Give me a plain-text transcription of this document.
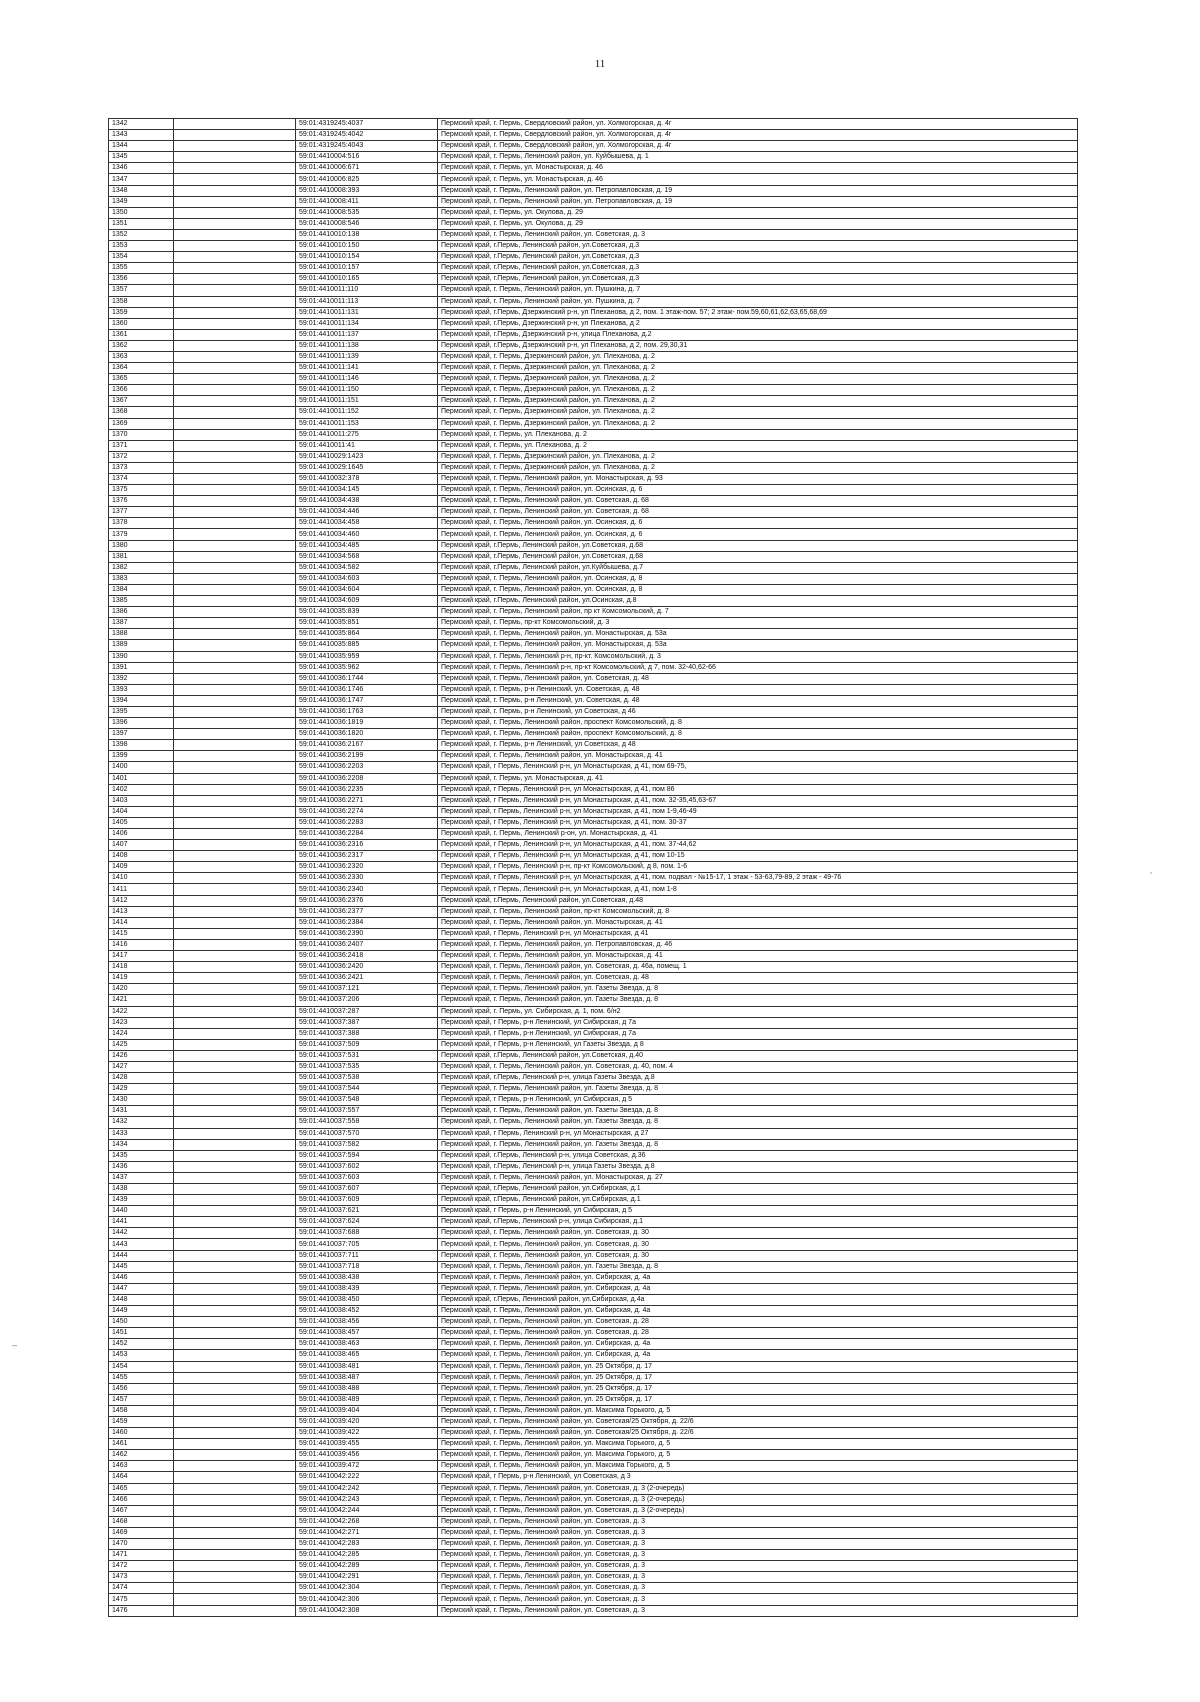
11
1342		59:01:4319245:4037	Пермский край, г. Пермь, Свердловский район, ул. Холмогорская, д. 4г
1343		59:01:4319245:4042	Пермский край, г. Пермь, Свердловский район, ул. Холмогорская, д. 4г
1344		59:01:4319245:4043	Пермский край, г. Пермь, Свердловский район, ул. Холмогорская, д. 4г
1345		59:01:4410004:516	Пермский край, г. Пермь, Ленинский район, ул. Куйбышева, д. 1
1346		59:01:4410006:671	Пермский край, г. Пермь, ул. Монастырская, д. 46
1347		59:01:4410006:825	Пермский край, г. Пермь, ул. Монастырская, д. 46
1348		59:01:4410008:393	Пермский край, г. Пермь, Ленинский район, ул. Петропавловская, д. 19
1349		59:01:4410008:411	Пермский край, г. Пермь, Ленинский район, ул. Петропавловская, д. 19
1350		59:01:4410008:535	Пермский край, г. Пермь, ул. Окулова, д. 29
1351		59:01:4410008:546	Пермский край, г. Пермь, ул. Окулова, д. 29
1352		59:01:4410010:138	Пермский край, г. Пермь, Ленинский район, ул. Советская, д. 3
1353		59:01:4410010:150	Пермский край, г.Пермь, Ленинский район, ул.Советская, д.3
1354		59:01:4410010:154	Пермский край, г.Пермь, Ленинский район, ул.Советская, д.3
1355		59:01:4410010:157	Пермский край, г.Пермь, Ленинский район, ул.Советская, д.3
1356		59:01:4410010:165	Пермский край, г.Пермь, Ленинский район, ул.Советская, д.3
1357		59:01:4410011:110	Пермский край, г. Пермь, Ленинский район, ул. Пушкина, д. 7
1358		59:01:4410011:113	Пермский край, г. Пермь, Ленинский район, ул. Пушкина, д. 7
1359		59:01:4410011:131	Пермский край, г.Пермь, Дзержинский р-н, ул Плеханова, д 2, пом. 1 этаж-пом. 57; 2 этаж- пом.59,60,61,62,63,65,68,69
1360		59:01:4410011:134	Пермский край, г.Пермь, Дзержинский р-н, ул Плеханова, д 2
1361		59:01:4410011:137	Пермский край, г.Пермь, Дзержинский р-н, улица Плеханова, д.2
1362		59:01:4410011:138	Пермский край, г.Пермь, Дзержинский р-н, ул Плеханова, д 2, пом. 29,30,31
1363		59:01:4410011:139	Пермский край, г. Пермь, Дзержинский район, ул. Плеханова, д. 2
1364		59:01:4410011:141	Пермский край, г. Пермь, Дзержинский район, ул. Плеханова, д. 2
1365		59:01:4410011:146	Пермский край, г. Пермь, Дзержинский район, ул. Плеханова, д. 2
1366		59:01:4410011:150	Пермский край, г. Пермь, Дзержинский район, ул. Плеханова, д. 2
1367		59:01:4410011:151	Пермский край, г. Пермь, Дзержинский район, ул. Плеханова, д. 2
1368		59:01:4410011:152	Пермский край, г. Пермь, Дзержинский район, ул. Плеханова, д. 2
1369		59:01:4410011:153	Пермский край, г. Пермь, Дзержинский район, ул. Плеханова, д. 2
1370		59:01:4410011:275	Пермский край, г. Пермь, ул. Плеханова, д. 2
1371		59:01:4410011:41	Пермский край, г. Пермь, ул. Плеханова, д. 2
1372		59:01:4410029:1423	Пермский край, г. Пермь, Дзержинский район, ул. Плеханова, д. 2
1373		59:01:4410029:1645	Пермский край, г. Пермь, Дзержинский район, ул. Плеханова, д. 2
1374		59:01:4410032:378	Пермский край, г. Пермь, Ленинский район, ул. Монастырская, д. 93
1375		59:01:4410034:145	Пермский край, г. Пермь, Ленинский район, ул. Осинская, д. 6
1376		59:01:4410034:438	Пермский край, г. Пермь, Ленинский район, ул. Советская, д. 68
1377		59:01:4410034:446	Пермский край, г. Пермь, Ленинский район, ул. Советская, д. 68
1378		59:01:4410034:458	Пермский край, г. Пермь, Ленинский район, ул. Осинская, д. 6
1379		59:01:4410034:460	Пермский край, г. Пермь, Ленинский район, ул. Осинская, д. 6
1380		59:01:4410034:485	Пермский край, г.Пермь, Ленинский район, ул.Советская, д.68
1381		59:01:4410034:568	Пермский край, г.Пермь, Ленинский район, ул.Советская, д.68
1382		59:01:4410034:582	Пермский край, г.Пермь, Ленинский район, ул.Куйбышева, д.7
1383		59:01:4410034:603	Пермский край, г. Пермь, Ленинский район, ул. Осинская, д. 8
1384		59:01:4410034:604	Пермский край, г. Пермь, Ленинский район, ул. Осинская, д. 8
1385		59:01:4410034:609	Пермский край, г.Пермь, Ленинский район, ул.Осинская, д.8
1386		59:01:4410035:839	Пермский край, г. Пермь, Ленинский район, пр кт Комсомольский, д. 7
1387		59:01:4410035:851	Пермский край, г. Пермь, пр-кт Комсомольский, д. 3
1388		59:01:4410035:864	Пермский край, г. Пермь, Ленинский район, ул. Монастырская, д. 53а
1389		59:01:4410035:885	Пермский край, г. Пермь, Ленинский район, ул. Монастырская, д. 53а
1390		59:01:4410035:959	Пермский край, г. Пермь, Ленинский р-н, пр-кт. Комсомольский, д. 3
1391		59:01:4410035:962	Пермский край, г. Пермь, Ленинский р-н, пр-кт Комсомольский, д 7, пом. 32-40,62-66
1392		59:01:4410036:1744	Пермский край, г. Пермь, Ленинский район, ул. Советская, д. 48
1393		59:01:4410036:1746	Пермский край, г. Пермь, р-н Ленинский, ул. Советская, д. 48
1394		59:01:4410036:1747	Пермский край, г. Пермь, р-н Ленинский, ул. Советская, д. 48
1395		59:01:4410036:1763	Пермский край, г. Пермь, р-н Ленинский, ул Советская, д 46
1396		59:01:4410036:1819	Пермский край, г. Пермь, Ленинский район, проспект Комсомольский, д. 8
1397		59:01:4410036:1820	Пермский край, г. Пермь, Ленинский район, проспект Комсомольский, д. 8
1398		59:01:4410036:2167	Пермский край, г. Пермь, р-н Ленинский, ул Советская, д 48
1399		59:01:4410036:2199	Пермский край, г. Пермь, Ленинский район, ул. Монастырская, д. 41
1400		59:01:4410036:2203	Пермский край, г Пермь, Ленинский р-н, ул Монастырская, д 41, пом 69-75,
1401		59:01:4410036:2208	Пермский край, г. Пермь, ул. Монастырская, д. 41
1402		59:01:4410036:2235	Пермский край, г Пермь, Ленинский р-н, ул Монастырская, д 41, пом 86
1403		59:01:4410036:2271	Пермский край, г Пермь, Ленинский р-н, ул Монастырская, д 41, пом. 32-35,45,63-67
1404		59:01:4410036:2274	Пермский край, г Пермь, Ленинский р-н, ул Монастырская, д 41, пом 1-9,46-49
1405		59:01:4410036:2283	Пермский край, г Пермь, Ленинский р-н, ул Монастырская, д 41, пом. 30-37
1406		59:01:4410036:2284	Пермский край, г. Пермь, Ленинский р-он, ул. Монастырская, д. 41
1407		59:01:4410036:2316	Пермский край, г Пермь, Ленинский р-н, ул Монастырская, д 41, пом. 37-44,62
1408		59:01:4410036:2317	Пермский край, г Пермь, Ленинский р-н, ул Монастырская, д 41, пом 10-15
1409		59:01:4410036:2320	Пермский край, г Пермь, Ленинский р-н, пр-кт Комсомольский, д 8, пом. 1-6
1410		59:01:4410036:2330	Пермский край, г Пермь, Ленинский р-н, ул Монастырская, д 41, пом. подвал - №15-17, 1 этаж - 53-63,79-89, 2 этаж - 49-76
1411		59:01:4410036:2340	Пермский край, г Пермь, Ленинский р-н, ул Монастырская, д 41, пом 1-8
1412		59:01:4410036:2376	Пермский край, г.Пермь, Ленинский район, ул.Советская, д.48
1413		59:01:4410036:2377	Пермский край, г. Пермь, Ленинский район, пр-кт Комсомольский, д. 8
1414		59:01:4410036:2384	Пермский край, г. Пермь, Ленинский район, ул. Монастырская, д. 41
1415		59:01:4410036:2390	Пермский край, г Пермь, Ленинский р-н, ул Монастырская, д 41
1416		59:01:4410036:2407	Пермский край, г. Пермь, Ленинский район, ул. Петропавловская, д. 46
1417		59:01:4410036:2418	Пермский край, г. Пермь, Ленинский район, ул. Монастырская, д. 41
1418		59:01:4410036:2420	Пермский край, г. Пермь, Ленинский район, ул. Советская, д. 46а, помещ. 1
1419		59:01:4410036:2421	Пермский край, г. Пермь, Ленинский район, ул. Советская, д. 48
1420		59:01:4410037:121	Пермский край, г. Пермь, Ленинский район, ул. Газеты Звезда, д. 8
1421		59:01:4410037:206	Пермский край, г. Пермь, Ленинский район, ул. Газеты Звезда, д. 8
1422		59:01:4410037:287	Пермский край, г. Пермь, ул. Сибирская, д. 1, пом. 6/н2
1423		59:01:4410037:387	Пермский край, г Пермь, р-н Ленинский, ул Сибирская, д 7а
1424		59:01:4410037:388	Пермский край, г Пермь, р-н Ленинский, ул Сибирская, д 7а
1425		59:01:4410037:509	Пермский край, г Пермь, р-н Ленинский, ул Газеты Звезда, д 8
1426		59:01:4410037:531	Пермский край, г.Пермь, Ленинский район, ул.Советская, д.40
1427		59:01:4410037:535	Пермский край, г. Пермь, Ленинский район, ул. Советская, д. 40, пом. 4
1428		59:01:4410037:538	Пермский край, г.Пермь, Ленинский р-н, улица Газеты Звезда, д.8
1429		59:01:4410037:544	Пермский край, г. Пермь, Ленинский район, ул. Газеты Звезда, д. 8
1430		59:01:4410037:548	Пермский край, г Пермь, р-н Ленинский, ул Сибирская, д 5
1431		59:01:4410037:557	Пермский край, г. Пермь, Ленинский район, ул. Газеты Звезда, д. 8
1432		59:01:4410037:558	Пермский край, г. Пермь, Ленинский район, ул. Газеты Звезда, д. 8
1433		59:01:4410037:570	Пермский край, г Пермь, Ленинский р-н, ул Монастырская, д 27
1434		59:01:4410037:582	Пермский край, г. Пермь, Ленинский район, ул. Газеты Звезда, д. 8
1435		59:01:4410037:594	Пермский край, г.Пермь, Ленинский р-н, улица Советская, д.36
1436		59:01:4410037:602	Пермский край, г.Пермь, Ленинский р-н, улица Газеты Звезда, д.8
1437		59:01:4410037:603	Пермский край, г. Пермь, Ленинский район, ул. Монастырская, д. 27
1438		59:01:4410037:607	Пермский край, г.Пермь, Ленинский район, ул.Сибирская, д.1
1439		59:01:4410037:609	Пермский край, г.Пермь, Ленинский район, ул.Сибирская, д.1
1440		59:01:4410037:621	Пермский край, г Пермь, р-н Ленинский, ул Сибирская, д 5
1441		59:01:4410037:624	Пермский край, г.Пермь, Ленинский р-н, улица Сибирская, д.1
1442		59:01:4410037:688	Пермский край, г. Пермь, Ленинский район, ул. Советская, д. 30
1443		59:01:4410037:705	Пермский край, г. Пермь, Ленинский район, ул. Советская, д. 30
1444		59:01:4410037:711	Пермский край, г. Пермь, Ленинский район, ул. Советская, д. 30
1445		59:01:4410037:718	Пермский край, г. Пермь, Ленинский район, ул. Газеты Звезда, д. 8
1446		59:01:4410038:438	Пермский край, г. Пермь, Ленинский район, ул. Сибирская, д. 4а
1447		59:01:4410038:439	Пермский край, г. Пермь, Ленинский район, ул. Сибирская, д. 4а
1448		59:01:4410038:450	Пермский край, г.Пермь, Ленинский район, ул.Сибирская, д.4а
1449		59:01:4410038:452	Пермский край, г. Пермь, Ленинский район, ул. Сибирская, д. 4а
1450		59:01:4410038:456	Пермский край, г. Пермь, Ленинский район, ул. Советская, д. 28
1451		59:01:4410038:457	Пермский край, г. Пермь, Ленинский район, ул. Советская, д. 28
1452		59:01:4410038:463	Пермский край, г. Пермь, Ленинский район, ул. Сибирская, д. 4а
1453		59:01:4410038:465	Пермский край, г. Пермь, Ленинский район, ул. Сибирская, д. 4а
1454		59:01:4410038:481	Пермский край, г. Пермь, Ленинский район, ул. 25 Октября, д. 17
1455		59:01:4410038:487	Пермский край, г. Пермь, Ленинский район, ул. 25 Октября, д. 17
1456		59:01:4410038:488	Пермский край, г. Пермь, Ленинский район, ул. 25 Октября, д. 17
1457		59:01:4410038:489	Пермский край, г. Пермь, Ленинский район, ул. 25 Октября, д. 17
1458		59:01:4410039:404	Пермский край, г. Пермь, Ленинский район, ул. Максима Горького, д. 5
1459		59:01:4410039:420	Пермский край, г. Пермь, Ленинский район, ул. Советская/25 Октября, д. 22/6
1460		59:01:4410039:422	Пермский край, г. Пермь, Ленинский район, ул. Советская/25 Октября, д. 22/6
1461		59:01:4410039:455	Пермский край, г. Пермь, Ленинский район, ул. Максима Горького, д. 5
1462		59:01:4410039:456	Пермский край, г. Пермь, Ленинский район, ул. Максима Горького, д. 5
1463		59:01:4410039:472	Пермский край, г. Пермь, Ленинский район, ул. Максима Горького, д. 5
1464		59:01:4410042:222	Пермский край, г Пермь, р-н Ленинский, ул Советская, д 3
1465		59:01:4410042:242	Пермский край, г. Пермь, Ленинский район, ул. Советская, д. 3 (2-очередь)
1466		59:01:4410042:243	Пермский край, г. Пермь, Ленинский район, ул. Советская, д. 3 (2-очередь)
1467		59:01:4410042:244	Пермский край, г. Пермь, Ленинский район, ул. Советская, д. 3 (2-очередь)
1468		59:01:4410042:268	Пермский край, г. Пермь, Ленинский район, ул. Советская, д. 3
1469		59:01:4410042:271	Пермский край, г. Пермь, Ленинский район, ул. Советская, д. 3
1470		59:01:4410042:283	Пермский край, г. Пермь, Ленинский район, ул. Советская, д. 3
1471		59:01:4410042:285	Пермский край, г. Пермь, Ленинский район, ул. Советская, д. 3
1472		59:01:4410042:289	Пермский край, г. Пермь, Ленинский район, ул. Советская, д. 3
1473		59:01:4410042:291	Пермский край, г. Пермь, Ленинский район, ул. Советская, д. 3
1474		59:01:4410042:304	Пермский край, г. Пермь, Ленинский район, ул. Советская, д. 3
1475		59:01:4410042:306	Пермский край, г. Пермь, Ленинский район, ул. Советская, д. 3
1476		59:01:4410042:308	Пермский край, г. Пермь, Ленинский район, ул. Советская, д. 3
‚
–
